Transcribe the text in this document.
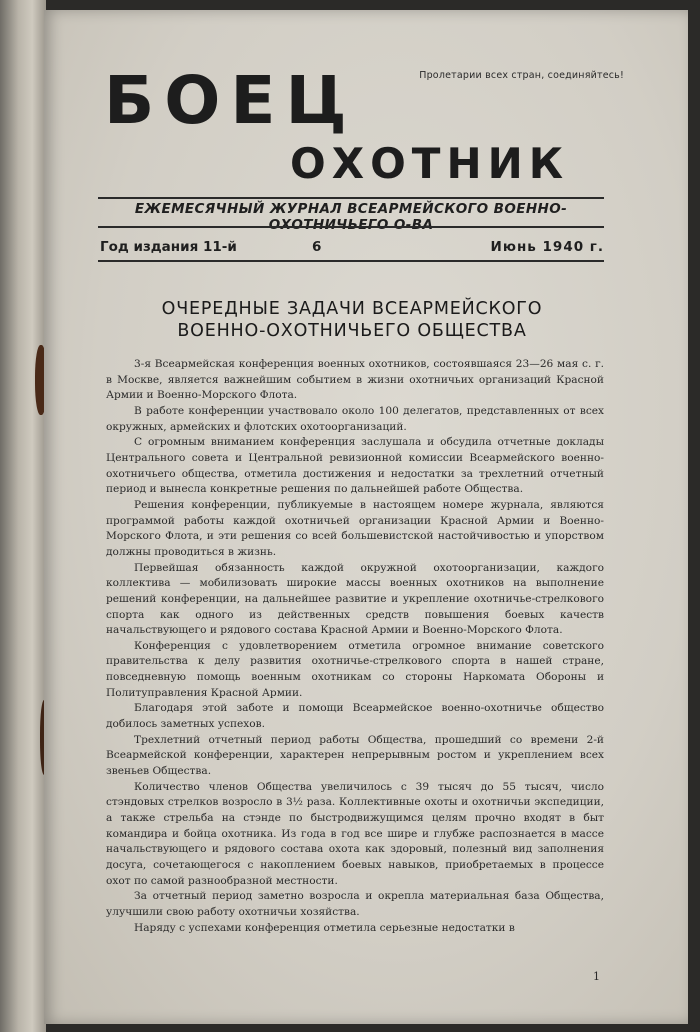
Пролетарии всех стран, соединяйтесь!
БОЕЦ
ОХОТНИК
ЕЖЕМЕСЯЧНЫЙ ЖУРНАЛ ВСЕАРМЕЙСКОГО ВОЕННО-ОХОТНИЧЬЕГО О-ВА
Год издания 11-й	6	Июнь 1940 г.
ОЧЕРЕДНЫЕ ЗАДАЧИ ВСЕАРМЕЙСКОГО
ВОЕННО-ОХОТНИЧЬЕГО ОБЩЕСТВА

3-я Всеармейская конференция военных охотников, состоявшаяся 23—26 мая с. г. в Москве, является важнейшим событием в жизни охотничьих организаций Красной Армии и Военно-Морского Флота.

В работе конференции участвовало около 100 делегатов, представленных от всех окружных, армейских и флотских охотоорганизаций.

С огромным вниманием конференция заслушала и обсудила отчетные доклады Центрального совета и Центральной ревизионной комиссии Всеармейского военно-охотничьего общества, отметила достижения и недостатки за трехлетний отчетный период и вынесла конкретные решения по дальнейшей работе Общества.

Решения конференции, публикуемые в настоящем номере журнала, являются программой работы каждой охотничьей организации Красной Армии и Военно-Морского Флота, и эти решения со всей большевистской настойчивостью и упорством должны проводиться в жизнь.

Первейшая обязанность каждой окружной охотоорганизации, каждого коллектива — мобилизовать широкие массы военных охотников на выполнение решений конференции, на дальнейшее развитие и укрепление охотничье-стрелкового спорта как одного из действенных средств повышения боевых качеств начальствующего и рядового состава Красной Армии и Военно-Морского Флота.

Конференция с удовлетворением отметила огромное внимание советского правительства к делу развития охотничье-стрелкового спорта в нашей стране, повседневную помощь военным охотникам со стороны Наркомата Обороны и Политуправления Красной Армии.

Благодаря этой заботе и помощи Всеармейское военно-охотничье общество добилось заметных успехов.

Трехлетний отчетный период работы Общества, прошедший со времени 2-й Всеармейской конференции, характерен непрерывным ростом и укреплением всех звеньев Общества.

Количество членов Общества увеличилось с 39 тысяч до 55 тысяч, число стэндовых стрелков возросло в 3½ раза. Коллективные охоты и охотничьи экспедиции, а также стрельба на стэнде по быстродвижущимся целям прочно входят в быт командира и бойца охотника. Из года в год все шире и глубже распознается в массе начальствующего и рядового состава охота как здоровый, полезный вид заполнения досуга, сочетающегося с накоплением боевых навыков, приобретаемых в процессе охот по самой разнообразной местности.

За отчетный период заметно возросла и окрепла материальная база Общества, улучшили свою работу охотничьи хозяйства.

Наряду с успехами конференция отметила серьезные недостатки в

1
